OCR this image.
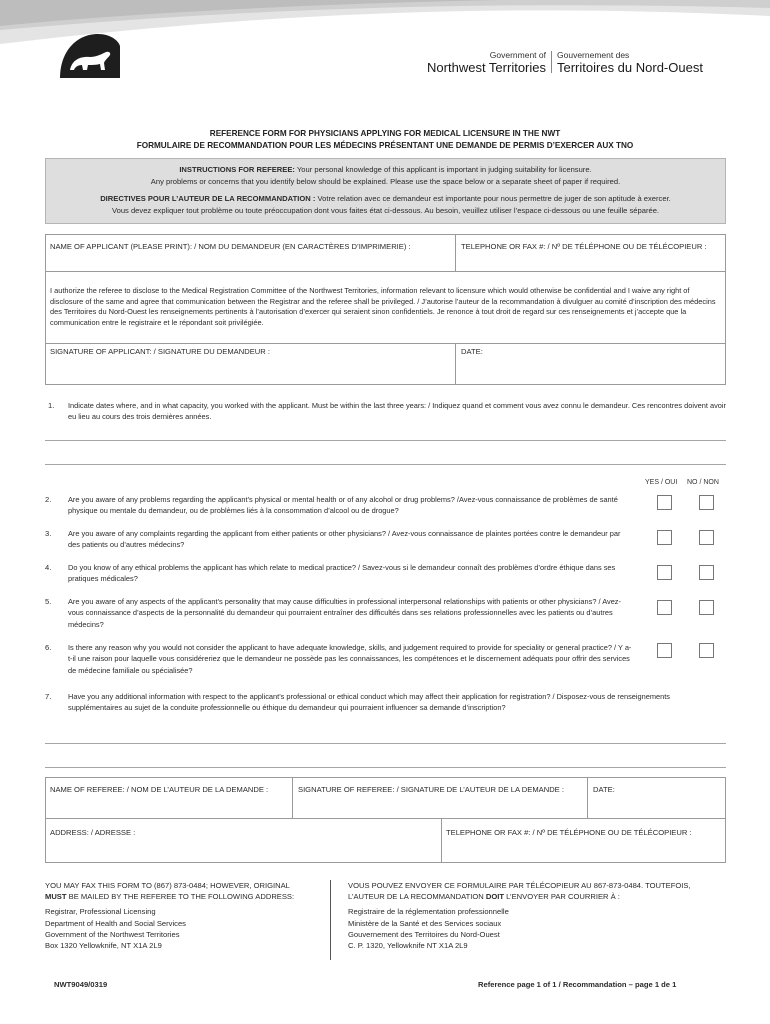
Government of
Northwest Territories
Gouvernement des
Territoires du Nord-Ouest
REFERENCE FORM FOR PHYSICIANS APPLYING FOR MEDICAL LICENSURE IN THE NWT
FORMULAIRE DE RECOMMANDATION POUR LES MÉDECINS PRÉSENTANT UNE DEMANDE DE PERMIS D’EXERCER AUX TNO

INSTRUCTIONS FOR REFEREE: Your personal knowledge of this applicant is important in judging suitability for licensure.

Any problems or concerns that you identify below should be explained. Please use the space below or a separate sheet of paper if required.

DIRECTIVES POUR L’AUTEUR DE LA RECOMMANDATION : Votre relation avec ce demandeur est importante pour nous permettre de juger de son aptitude à exercer.

Vous devez expliquer tout problème ou toute préoccupation dont vous faites état ci-dessous. Au besoin, veuillez utiliser l’espace ci-dessous ou une feuille séparée.

NAME OF APPLICANT (PLEASE PRINT): / NOM DU DEMANDEUR (EN CARACTÈRES D’IMPRIMERIE) :	TELEPHONE OR FAX #: / Nº DE TÉLÉPHONE OU DE TÉLÉCOPIEUR :
I authorize the referee to disclose to the Medical Registration Committee of the Northwest Territories, information relevant to licensure which would otherwise be confidential and I waive any right of disclosure of the same and agree that communication between the Registrar and the referee shall be privileged. / J’autorise l’auteur de la recommandation à divulguer au comité d’inscription des médecins des Territoires du Nord-Ouest les renseignements pertinents à l’autorisation d’exercer qui seraient sinon confidentiels. Je renonce à tout droit de regard sur ces renseignements et j’accepte que la communication entre le registraire et le répondant soit privilégiée.
SIGNATURE OF APPLICANT: / SIGNATURE DU DEMANDEUR :	DATE:
1. Indicate dates where, and in what capacity, you worked with the applicant. Must be within the last three years: / Indiquez quand et comment vous avez connu le demandeur. Ces rencontres doivent avoir eu lieu au cours des trois dernières années.
YES / OUI NO / NON
2. Are you aware of any problems regarding the applicant’s physical or mental health or of any alcohol or drug problems? /Avez-vous connaissance de problèmes de santé physique ou mentale du demandeur, ou de problèmes liés à la consommation d’alcool ou de drogue?
3. Are you aware of any complaints regarding the applicant from either patients or other physicians? / Avez-vous connaissance de plaintes portées contre le demandeur par des patients ou d’autres médecins?
4. Do you know of any ethical problems the applicant has which relate to medical practice? / Savez-vous si le demandeur connaît des problèmes d’ordre éthique dans ses pratiques médicales?
5. Are you aware of any aspects of the applicant’s personality that may cause difficulties in professional interpersonal relationships with patients or other physicians? / Avez-vous connaissance d’aspects de la personnalité du demandeur qui pourraient entraîner des difficultés dans ses relations professionnelles avec les patients ou d’autres médecins?
6. Is there any reason why you would not consider the applicant to have adequate knowledge, skills, and judgement required to provide for speciality or general practice? / Y a-t-il une raison pour laquelle vous considéreriez que le demandeur ne possède pas les connaissances, les compétences et le discernement adéquats pour offrir des services de médecine familiale ou spécialisée?
7. Have you any additional information with respect to the applicant’s professional or ethical conduct which may affect their application for registration? / Disposez-vous de renseignements supplémentaires au sujet de la conduite professionnelle ou éthique du demandeur qui pourraient influencer sa demande d’inscription?
NAME OF REFEREE: / NOM DE L’AUTEUR DE LA DEMANDE :	SIGNATURE OF REFEREE: / SIGNATURE DE L’AUTEUR DE LA DEMANDE :	DATE:
ADDRESS: / ADRESSE :	TELEPHONE OR FAX #: / Nº DE TÉLÉPHONE OU DE TÉLÉCOPIEUR :
YOU MAY FAX THIS FORM TO (867) 873-0484; HOWEVER, ORIGINAL
MUST BE MAILED BY THE REFEREE TO THE FOLLOWING ADDRESS:
Registrar, Professional Licensing
Department of Health and Social Services
Government of the Northwest Territories
Box 1320 Yellowknife, NT X1A 2L9
VOUS POUVEZ ENVOYER CE FORMULAIRE PAR TÉLÉCOPIEUR AU 867-873-0484. TOUTEFOIS,
L’AUTEUR DE LA RECOMMANDATION DOIT L’ENVOYER PAR COURRIER À :
Registraire de la réglementation professionnelle
Ministère de la Santé et des Services sociaux
Gouvernement des Territoires du Nord-Ouest
C. P. 1320, Yellowknife NT X1A 2L9
NWT9049/0319	Reference page 1 of 1 / Recommandation – page 1 de 1
